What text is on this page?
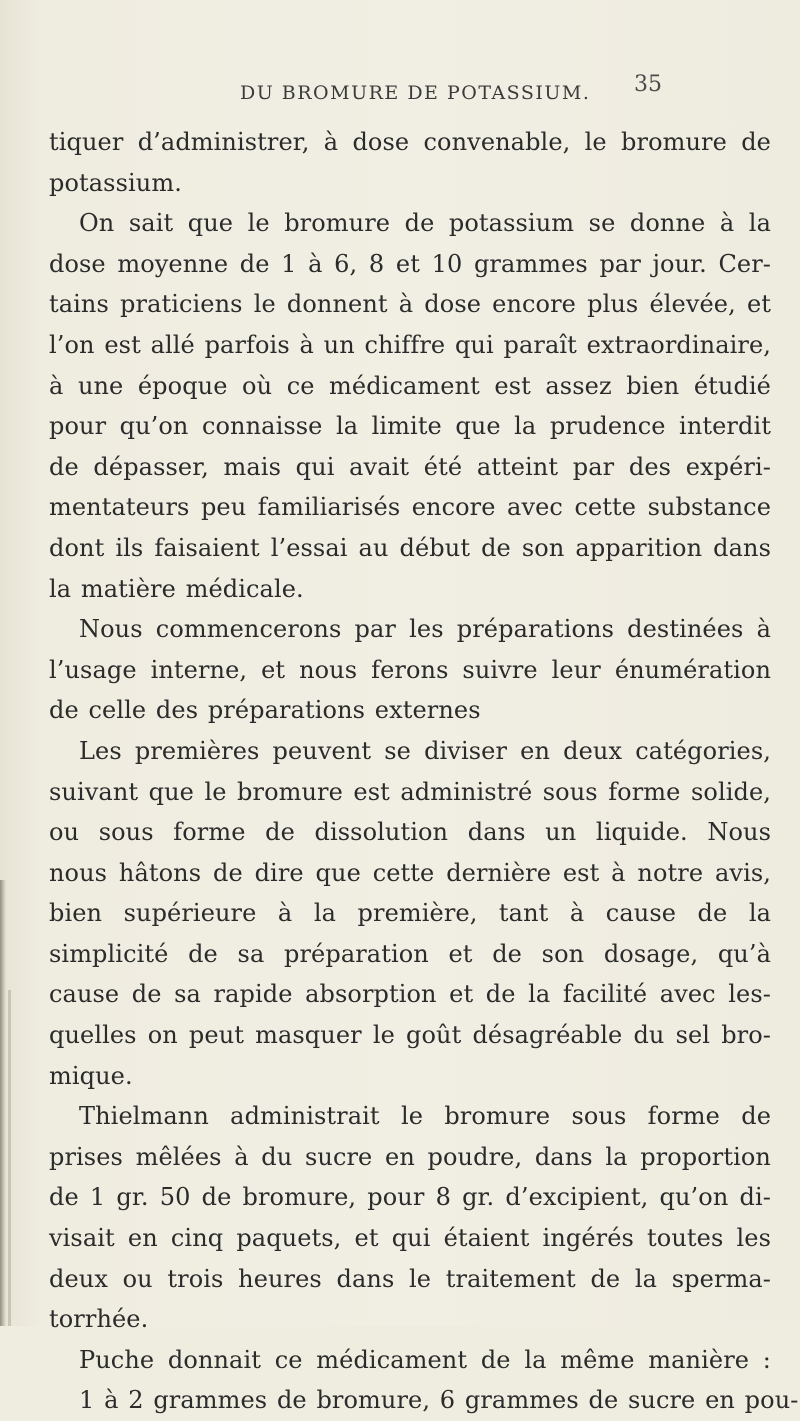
DU BROMURE DE POTASSIUM. 35
tiquer d’administrer, à dose convenable, le bromure de
potassium.
On sait que le bromure de potassium se donne à la
dose moyenne de 1 à 6, 8 et 10 grammes par jour. Cer-
tains praticiens le donnent à dose encore plus élevée, et
l’on est allé parfois à un chiffre qui paraît extraordinaire,
à une époque où ce médicament est assez bien étudié
pour qu’on connaisse la limite que la prudence interdit
de dépasser, mais qui avait été atteint par des expéri-
mentateurs peu familiarisés encore avec cette substance
dont ils faisaient l’essai au début de son apparition dans
la matière médicale.
Nous commencerons par les préparations destinées à
l’usage interne, et nous ferons suivre leur énumération
de celle des préparations externes
Les premières peuvent se diviser en deux catégories,
suivant que le bromure est administré sous forme solide,
ou sous forme de dissolution dans un liquide. Nous
nous hâtons de dire que cette dernière est à notre avis,
bien supérieure à la première, tant à cause de la
simplicité de sa préparation et de son dosage, qu’à
cause de sa rapide absorption et de la facilité avec les-
quelles on peut masquer le goût désagréable du sel bro-
mique.
Thielmann administrait le bromure sous forme de
prises mêlées à du sucre en poudre, dans la proportion
de 1 gr. 50 de bromure, pour 8 gr. d’excipient, qu’on di-
visait en cinq paquets, et qui étaient ingérés toutes les
deux ou trois heures dans le traitement de la sperma-
torrhée.
Puche donnait ce médicament de la même manière :
1 à 2 grammes de bromure, 6 grammes de sucre en pou-
